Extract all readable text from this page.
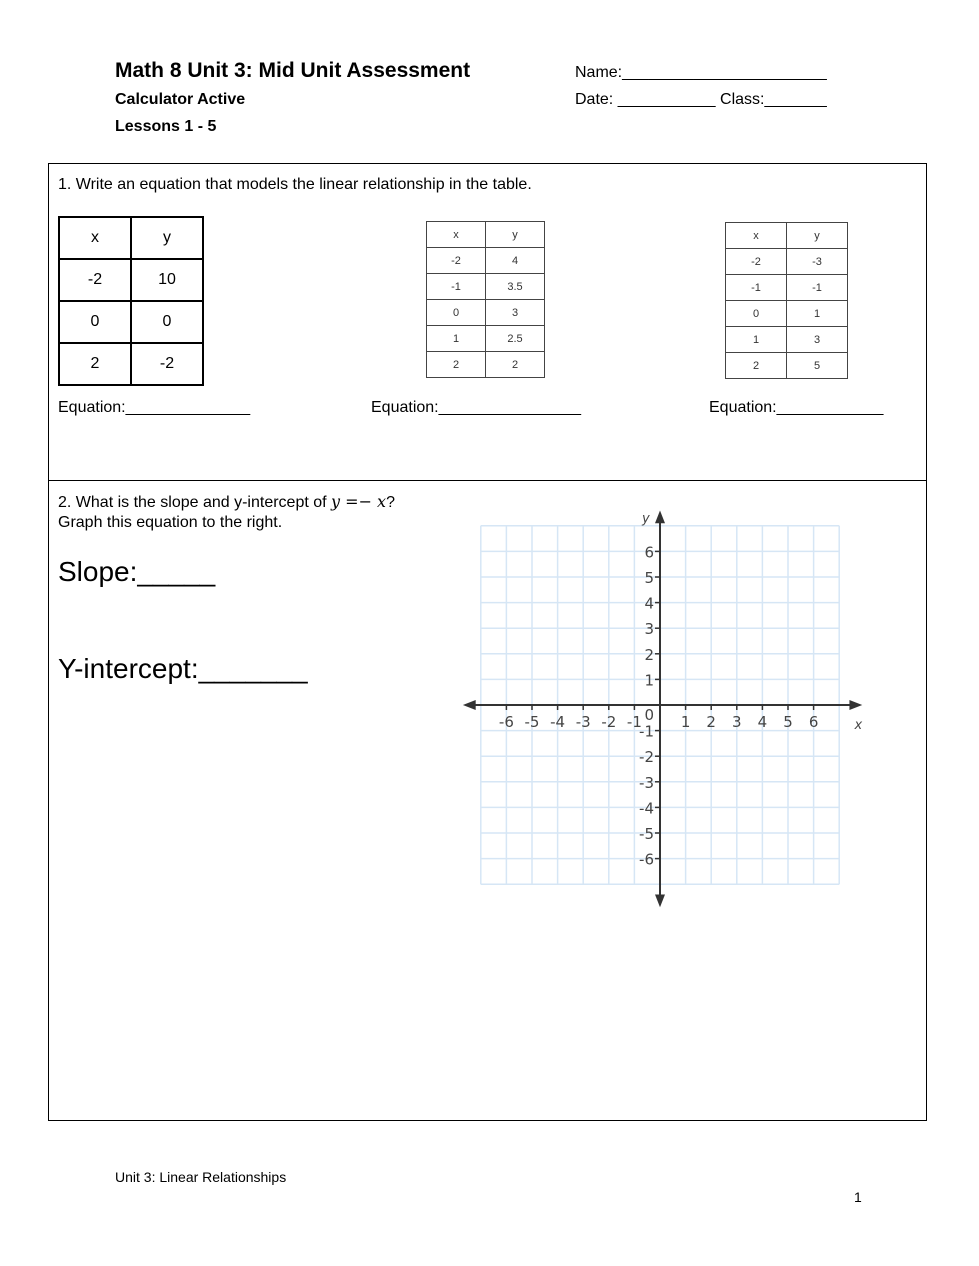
Math 8 Unit 3: Mid Unit Assessment
Calculator Active
Lessons 1 - 5
Name:_______________________
Date: ___________ Class:_______
1. Write an equation that models the linear relationship in the table.
x	y
-2	10
0	0
2	-2
x	y
-2	4
-1	3.5
0	3
1	2.5
2	2
x	y
-2	-3
-1	-1
0	1
1	3
2	5
Equation:______________	Equation:________________	Equation:____________
2. What is the slope and y-intercept of y =− x?
Graph this equation to the right.
Slope:_____
Y-intercept:_______
-6 -5 -4 -3 -2 -1	1 2 3 4 5 6
6
5
4
3
2
1
-1
-2
-3
-4
-5
-6
0
x
y
Unit 3: Linear Relationships
1
